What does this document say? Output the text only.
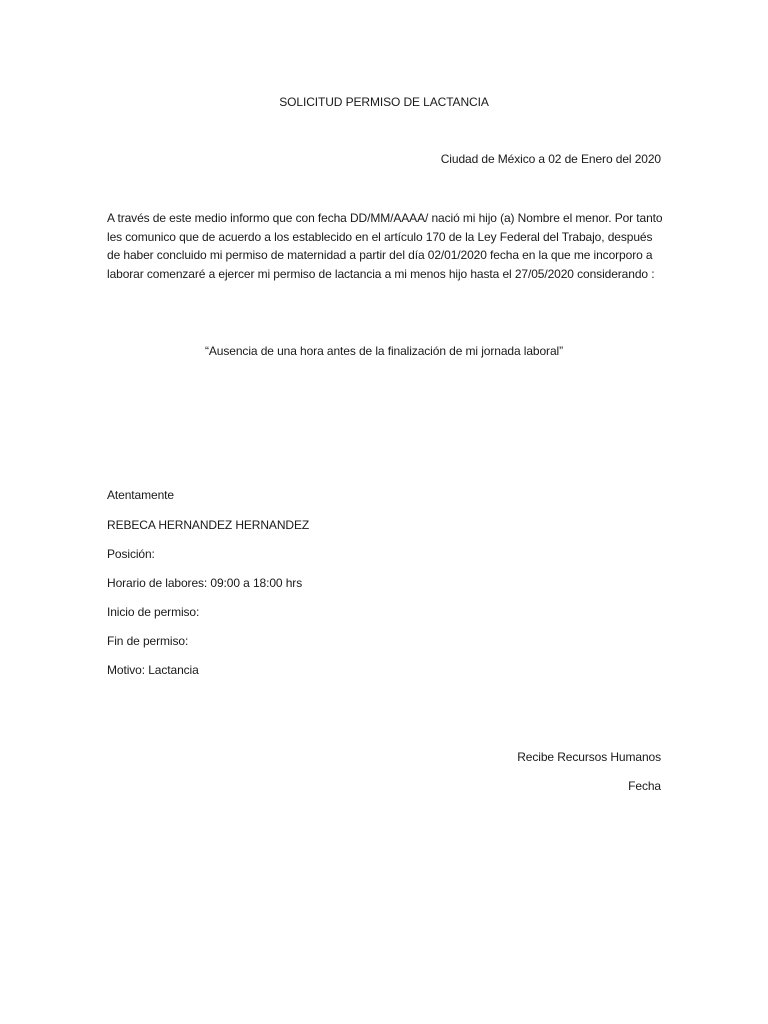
SOLICITUD PERMISO DE LACTANCIA
Ciudad de México a 02 de Enero del 2020
A través de este medio informo que con fecha DD/MM/AAAA/ nació mi hijo (a) Nombre el menor. Por tanto les comunico que de acuerdo a los establecido en el artículo 170 de la Ley Federal del Trabajo, después de haber concluido mi permiso de maternidad a partir del día 02/01/2020 fecha en la que me incorporo a laborar comenzaré a ejercer mi permiso de lactancia a mi menos hijo hasta el 27/05/2020 considerando :
“Ausencia de una hora antes de la finalización de mi jornada laboral”
Atentamente
REBECA HERNANDEZ HERNANDEZ
Posición:
Horario de labores: 09:00 a 18:00 hrs
Inicio de permiso:
Fin de permiso:
Motivo: Lactancia
Recibe Recursos Humanos
Fecha
